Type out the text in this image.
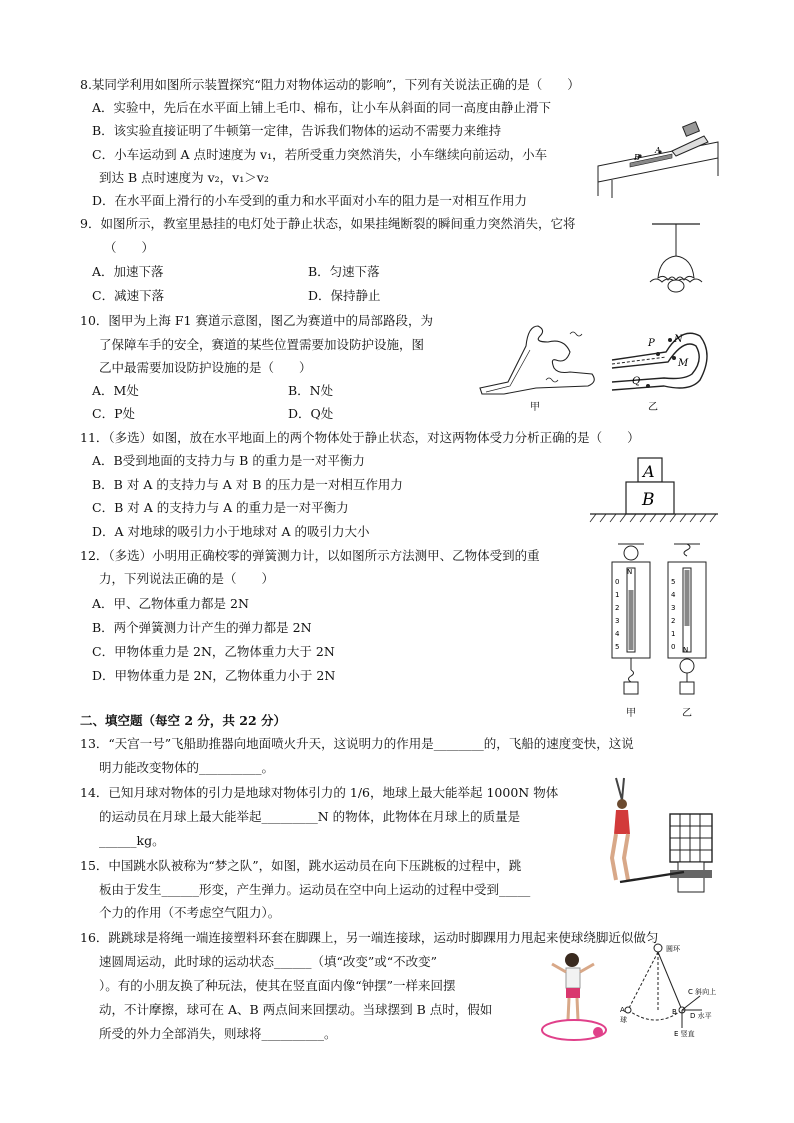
8.某同学利用如图所示装置探究“阻力对物体运动的影响”，下列有关说法正确的是（　　）
A．实验中，先后在水平面上铺上毛巾、棉布，让小车从斜面的同一高度由静止滑下
B．该实验直接证明了牛顿第一定律，告诉我们物体的运动不需要力来维持
C．小车运动到 A 点时速度为 v₁，若所受重力突然消失，小车继续向前运动，小车
到达 B 点时速度为 v₂，v₁＞v₂
D．在水平面上滑行的小车受到的重力和水平面对小车的阻力是一对相互作用力
B
A
9．如图所示，教室里悬挂的电灯处于静止状态，如果挂绳断裂的瞬间重力突然消失，它将
（　　）
A．加速下落	B．匀速下落
C．减速下落	D．保持静止
10．图甲为上海 F1 赛道示意图，图乙为赛道中的局部路段，为
了保障车手的安全，赛道的某些位置需要加设防护设施，图
乙中最需要加设防护设施的是（　　）
A．M处	B．N处
C．P处	D．Q处	甲
P N
M
Q
乙
11．（多选）如图，放在水平地面上的两个物体处于静止状态，对这两物体受力分析正确的是（　　）
A．B受到地面的支持力与 B 的重力是一对平衡力
B．B 对 A 的支持力与 A 对 B 的压力是一对相互作用力
C．B 对 A 的支持力与 A 的重力是一对平衡力
D．A 对地球的吸引力小于地球对 A 的吸引力大小
A
B
12．（多选）小明用正确校零的弹簧测力计，以如图所示方法测甲、乙物体受到的重
力，下列说法正确的是（　　）
A．甲、乙物体重力都是 2N
B．两个弹簧测力计产生的弹力都是 2N
C．甲物体重力是 2N，乙物体重力大于 2N
D．甲物体重力是 2N，乙物体重力小于 2N
N
0
1
2
3
4
5
甲
N
5
4
3
2
1
0
乙
二、填空题（每空 2 分，共 22 分）
13．“天宫一号”飞船助推器向地面喷火升天，这说明力的作用是________的，飞船的速度变快，这说
明力能改变物体的__________。
14．已知月球对物体的引力是地球对物体引力的 1/6，地球上最大能举起 1000N 物体
的运动员在月球上最大能举起_________N 的物体，此物体在月球上的质量是
______kg。
15．中国跳水队被称为“梦之队”，如图，跳水运动员在向下压跳板的过程中，跳
板由于发生______形变，产生弹力。运动员在空中向上运动的过程中受到_____
个力的作用（不考虑空气阻力）。
16．跳跳球是将绳一端连接塑料环套在脚踝上，另一端连接球，运动时脚踝用力甩起来使球绕脚近似做匀
速圆周运动，此时球的运动状态______（填“改变”或“不改变”
）。有的小朋友换了种玩法，使其在竖直面内像“钟摆”一样来回摆
动，不计摩擦，球可在 A、B 两点间来回摆动。当球摆到 B 点时，假如
所受的外力全部消失，则球将__________。
圆环
A
球
B
C 斜向上
D 水平
E 竖直
